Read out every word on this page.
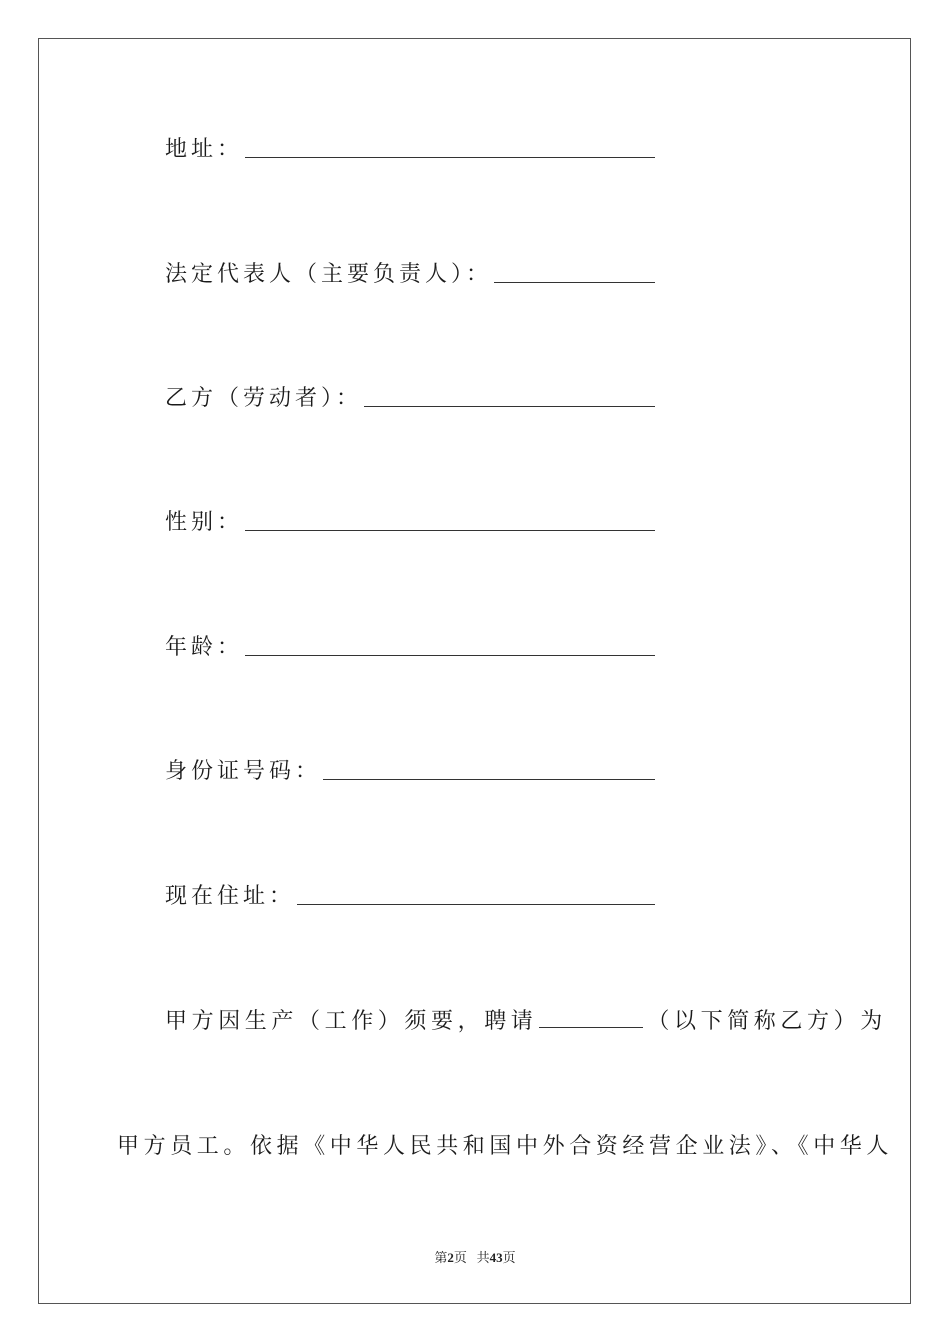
地址：
法定代表人（主要负责人）：
乙方（劳动者）：
性别：
年龄：
身份证号码：
现在住址：
甲方因生产（工作）须要，聘请	（以下简称乙方）为
甲方员工。依据《中华人民共和国中外合资经营企业法》、《中华人
第2页   共43页
